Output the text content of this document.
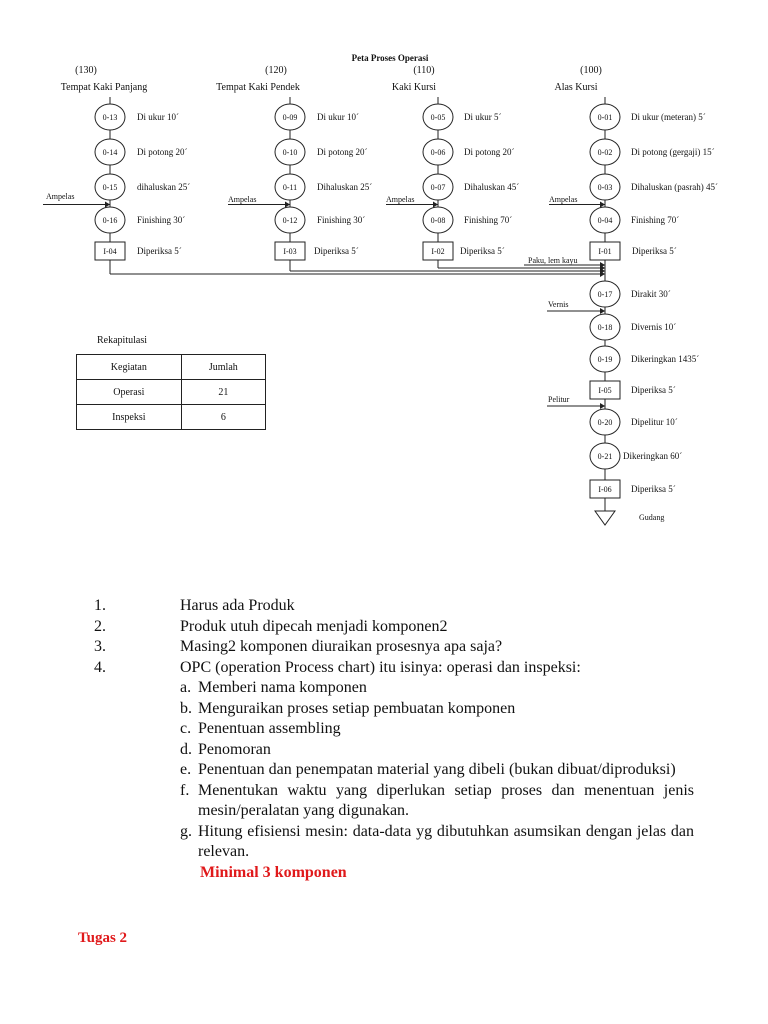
Peta Proses Operasi
(130)
Tempat Kaki Panjang
0-13 Di ukur 10´
0-14 Di potong 20´
0-15 dihaluskan 25´
0-16 Finishing 30´
Ampelas
I-04 Diperiksa 5´
(120)
Tempat Kaki Pendek
0-09 Di ukur 10´
0-10 Di potong 20´
0-11 Dihaluskan 25´
0-12 Finishing 30´
Ampelas
I-03 Diperiksa 5´
(110)
Kaki Kursi
0-05 Di ukur 5´
0-06 Di potong 20´
0-07 Dihaluskan 45´
0-08 Finishing 70´
Ampelas
I-02 Diperiksa 5´
(100)
Alas Kursi
0-01 Di ukur (meteran) 5´
0-02 Di potong (gergaji) 15´
0-03 Dihaluskan (pasrah) 45´
0-04 Finishing 70´
Ampelas
I-01 Diperiksa 5´
Paku, lem kayu
0-17 Dirakit 30´
0-18 Divernis 10´
Vernis
0-19 Dikeringkan 1435´
I-05 Diperiksa 5´
0-20 Dipelitur 10´
Pelitur
0-21 Dikeringkan 60´
I-06 Diperiksa 5´
Gudang
Rekapitulasi
Kegiatan	Jumlah
Operasi	21
Inspeksi	6
1.	Harus ada Produk
2.	Produk utuh dipecah menjadi komponen2
3.	Masing2 komponen diuraikan prosesnya apa saja?
4.	OPC (operation Process chart) itu isinya: operasi dan inspeksi:
a. Memberi nama komponen
b. Menguraikan proses setiap pembuatan komponen
c. Penentuan assembling
d. Penomoran
e. Penentuan dan penempatan material yang dibeli (bukan dibuat/diproduksi)
f. Menentukan waktu yang diperlukan setiap proses dan menentuan jenis mesin/peralatan yang digunakan.
g. Hitung efisiensi mesin: data-data yg dibutuhkan asumsikan dengan jelas dan relevan.
Minimal 3 komponen
Tugas 2
